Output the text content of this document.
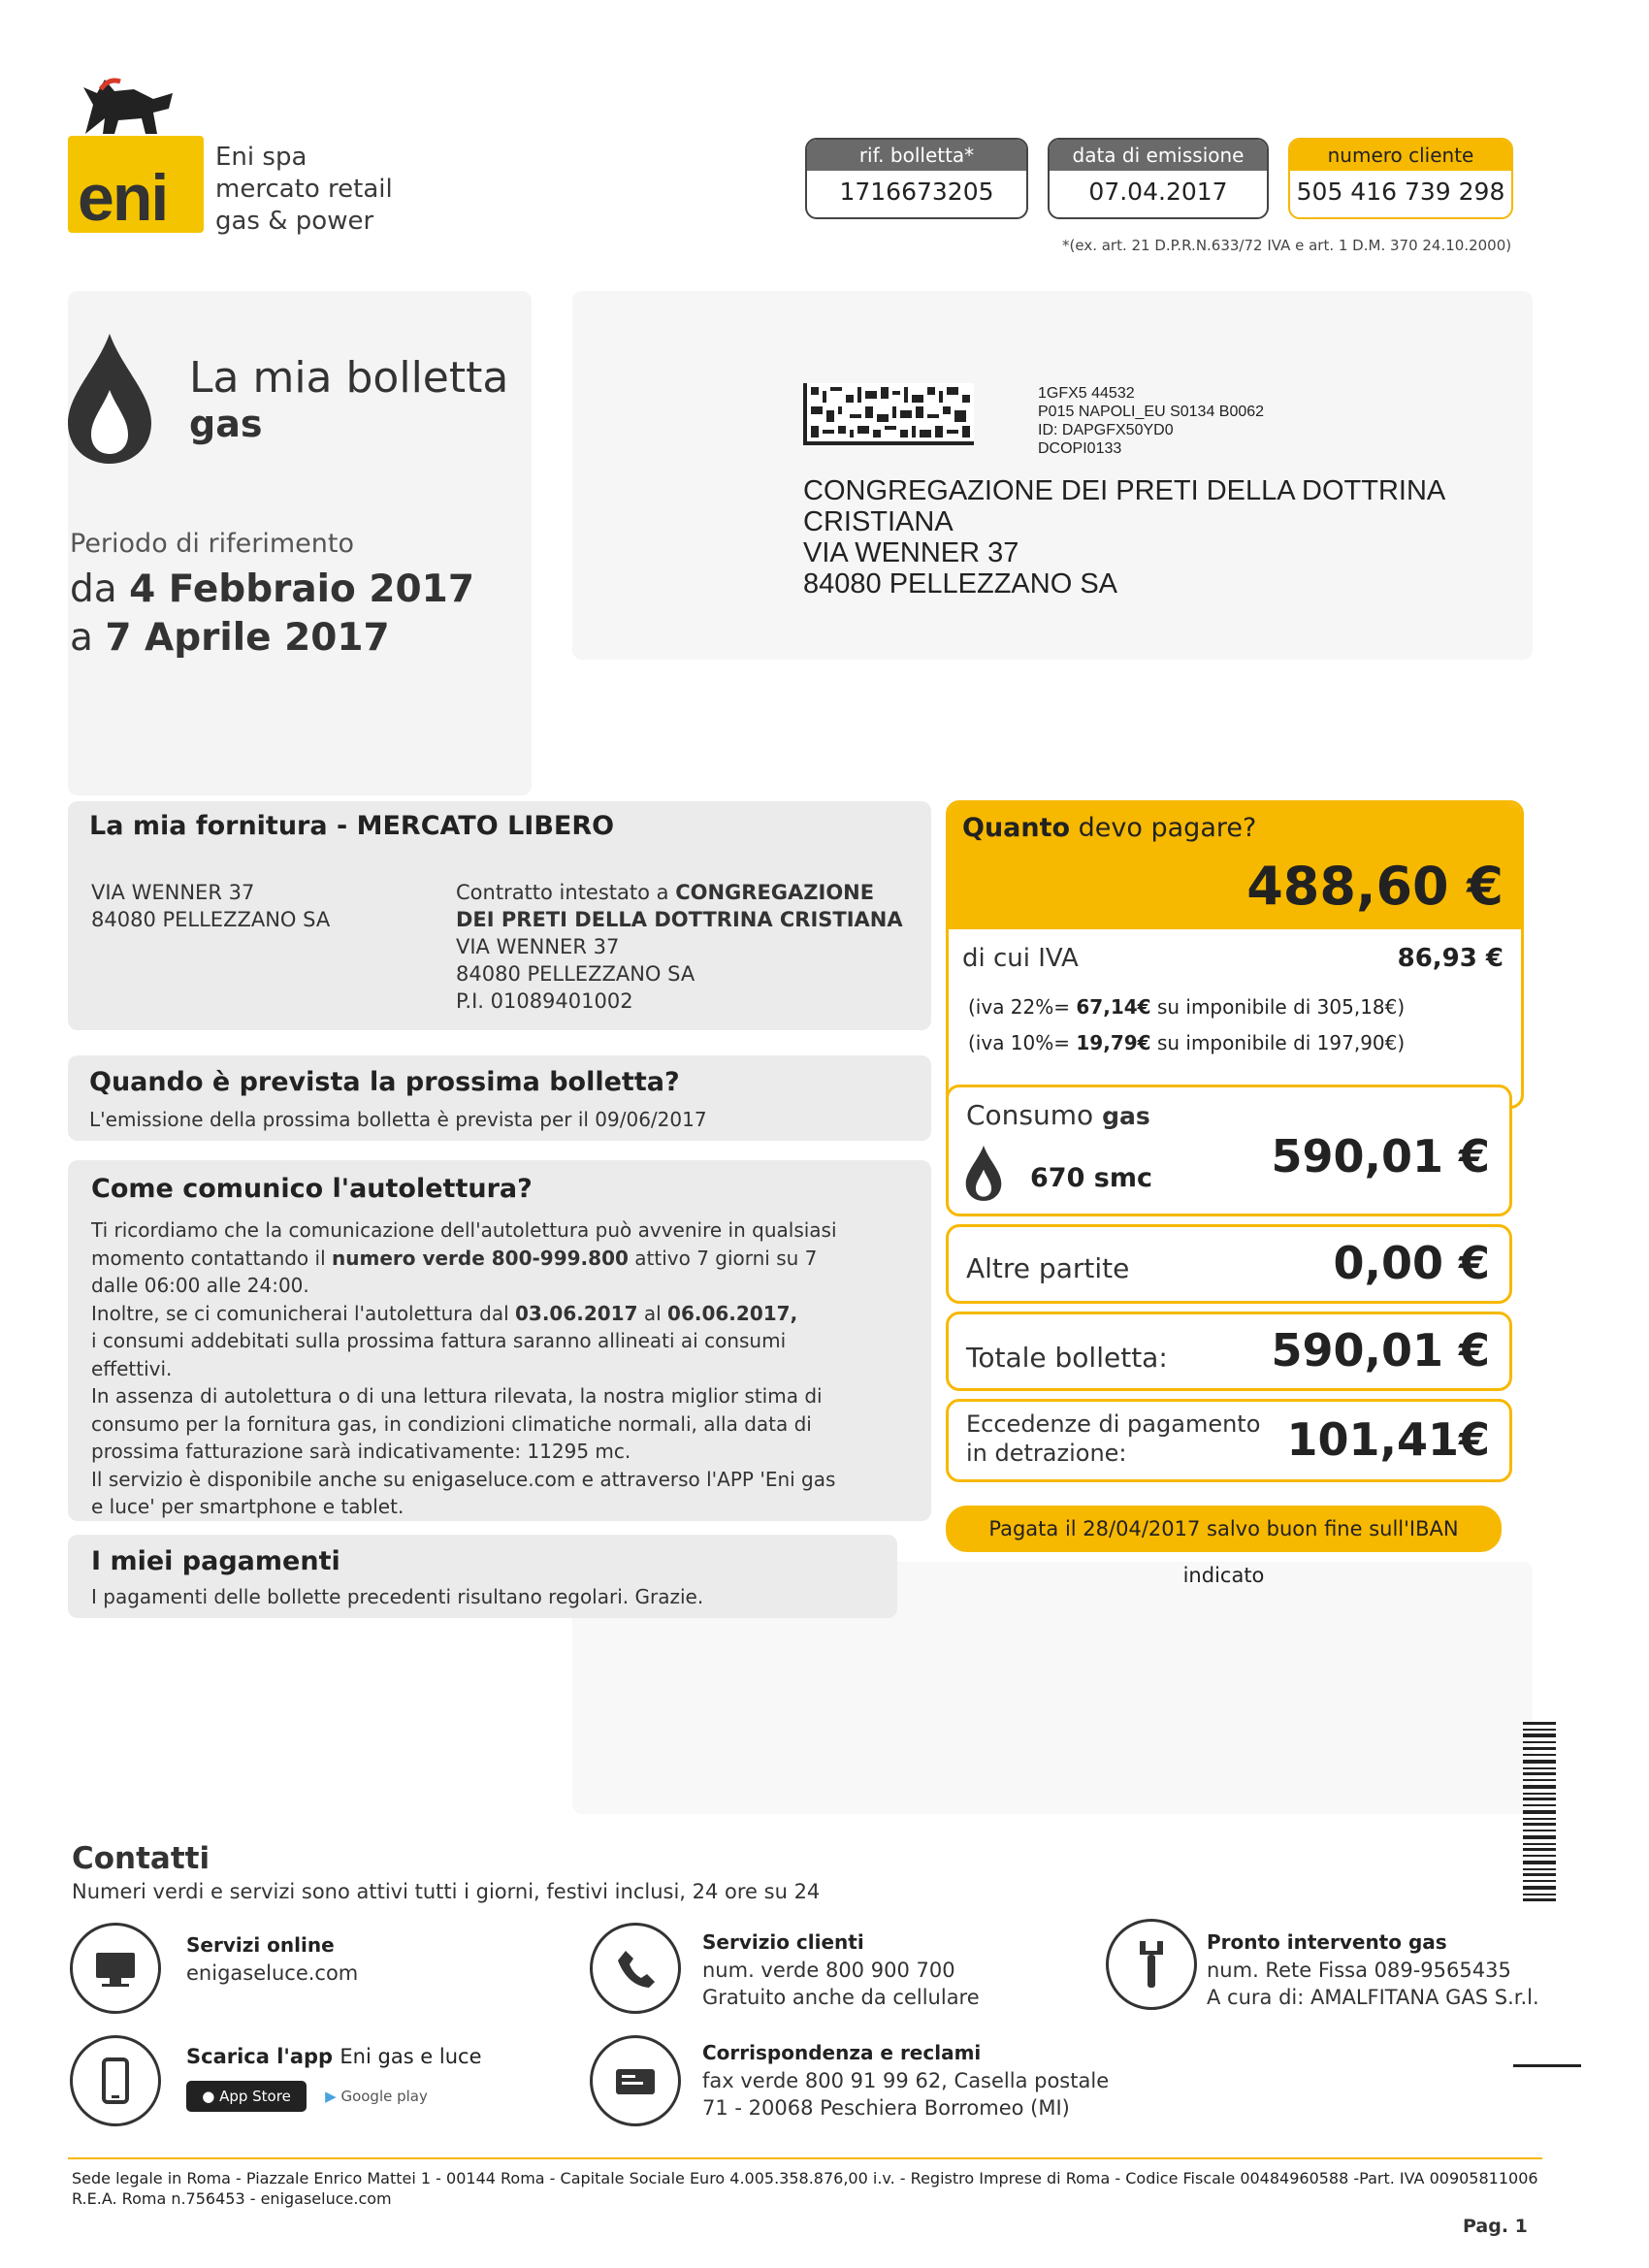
eni
Eni spa
mercato retail
gas & power
rif. bolletta*
1716673205
data di emissione
07.04.2017
numero cliente
505 416 739 298
*(ex. art. 21 D.P.R.N.633/72 IVA e art. 1 D.M. 370 24.10.2000)
La mia bolletta
gas
Periodo di riferimento
da 4 Febbraio 2017
a 7 Aprile 2017
1GFX5 44532
P015 NAPOLI_EU S0134 B0062
ID: DAPGFX50YD0
DCOPI0133
CONGREGAZIONE DEI PRETI DELLA DOTTRINA
CRISTIANA
VIA WENNER 37
84080 PELLEZZANO SA
La mia fornitura - MERCATO LIBERO
VIA WENNER 37
84080 PELLEZZANO SA
Contratto intestato a CONGREGAZIONE
DEI PRETI DELLA DOTTRINA CRISTIANA
VIA WENNER 37
84080 PELLEZZANO SA
P.I. 01089401002
Quando è prevista la prossima bolletta?
L'emissione della prossima bolletta è prevista per il 09/06/2017
Come comunico l'autolettura?
Ti ricordiamo che la comunicazione dell'autolettura può avvenire in qualsiasi
momento contattando il numero verde 800-999.800 attivo 7 giorni su 7
dalle 06:00 alle 24:00.
Inoltre, se ci comunicherai l'autolettura dal 03.06.2017 al 06.06.2017,
i consumi addebitati sulla prossima fattura saranno allineati ai consumi
effettivi.
In assenza di autolettura o di una lettura rilevata, la nostra miglior stima di
consumo per la fornitura gas, in condizioni climatiche normali, alla data di
prossima fatturazione sarà indicativamente: 11295 mc.
Il servizio è disponibile anche su enigaseluce.com e attraverso l'APP 'Eni gas
e luce' per smartphone e tablet.
I miei pagamenti
I pagamenti delle bollette precedenti risultano regolari. Grazie.
Quanto devo pagare?
488,60 €
di cui IVA	86,93 €
(iva 22%= 67,14€ su imponibile di 305,18€)
(iva 10%= 19,79€ su imponibile di 197,90€)
Consumo gas
670 smc	590,01 €
Altre partite	0,00 €
Totale bolletta: 590,01 €
Eccedenze di pagamento
in detrazione:	101,41€
Pagata il 28/04/2017 salvo buon fine sull'IBAN indicato
Contatti
Numeri verdi e servizi sono attivi tutti i giorni, festivi inclusi, 24 ore su 24
Servizi online
enigaseluce.com
Servizio clienti
num. verde 800 900 700
Gratuito anche da cellulare
Pronto intervento gas
num. Rete Fissa 089-9565435
A cura di: AMALFITANA GAS S.r.l.
Scarica l'app Eni gas e luce
● App Store	▶ Google play
Corrispondenza e reclami
fax verde 800 91 99 62, Casella postale
71 - 20068 Peschiera Borromeo (MI)
Sede legale in Roma - Piazzale Enrico Mattei 1 - 00144 Roma - Capitale Sociale Euro 4.005.358.876,00 i.v. - Registro Imprese di Roma - Codice Fiscale 00484960588 -Part. IVA 00905811006
R.E.A. Roma n.756453 - enigaseluce.com
Pag. 1
